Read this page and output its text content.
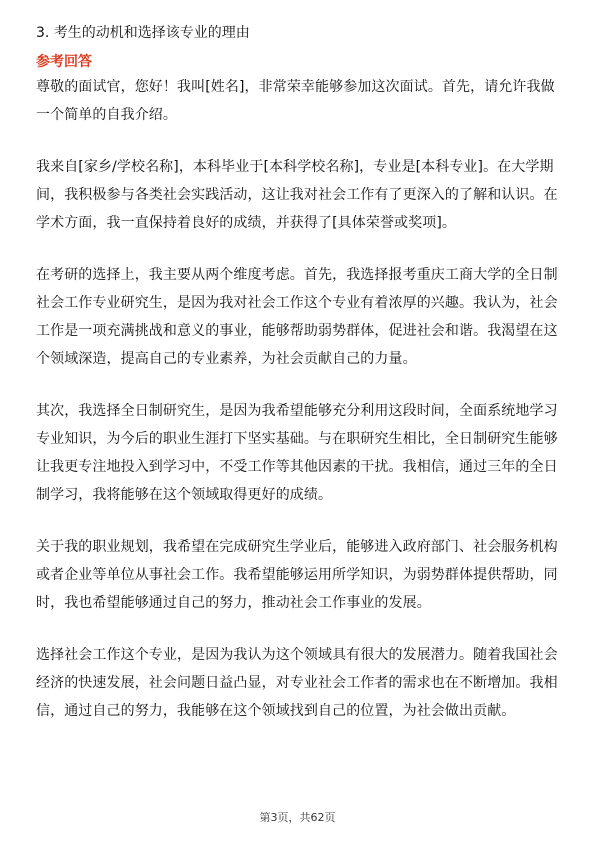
3. 考生的动机和选择该专业的理由
参考回答

尊敬的面试官，您好！我叫[姓名]，非常荣幸能够参加这次面试。首先，请允许我做一个简单的自我介绍。

我来自[家乡/学校名称]，本科毕业于[本科学校名称]，专业是[本科专业]。在大学期间，我积极参与各类社会实践活动，这让我对社会工作有了更深入的了解和认识。在学术方面，我一直保持着良好的成绩，并获得了[具体荣誉或奖项]。

在考研的选择上，我主要从两个维度考虑。首先，我选择报考重庆工商大学的全日制社会工作专业研究生，是因为我对社会工作这个专业有着浓厚的兴趣。我认为，社会工作是一项充满挑战和意义的事业，能够帮助弱势群体，促进社会和谐。我渴望在这个领域深造，提高自己的专业素养，为社会贡献自己的力量。

其次，我选择全日制研究生，是因为我希望能够充分利用这段时间，全面系统地学习专业知识，为今后的职业生涯打下坚实基础。与在职研究生相比，全日制研究生能够让我更专注地投入到学习中，不受工作等其他因素的干扰。我相信，通过三年的全日制学习，我将能够在这个领域取得更好的成绩。

关于我的职业规划，我希望在完成研究生学业后，能够进入政府部门、社会服务机构或者企业等单位从事社会工作。我希望能够运用所学知识，为弱势群体提供帮助，同时，我也希望能够通过自己的努力，推动社会工作事业的发展。

选择社会工作这个专业，是因为我认为这个领域具有很大的发展潜力。随着我国社会经济的快速发展，社会问题日益凸显，对专业社会工作者的需求也在不断增加。我相信，通过自己的努力，我能够在这个领域找到自己的位置，为社会做出贡献。

第3页，共62页
